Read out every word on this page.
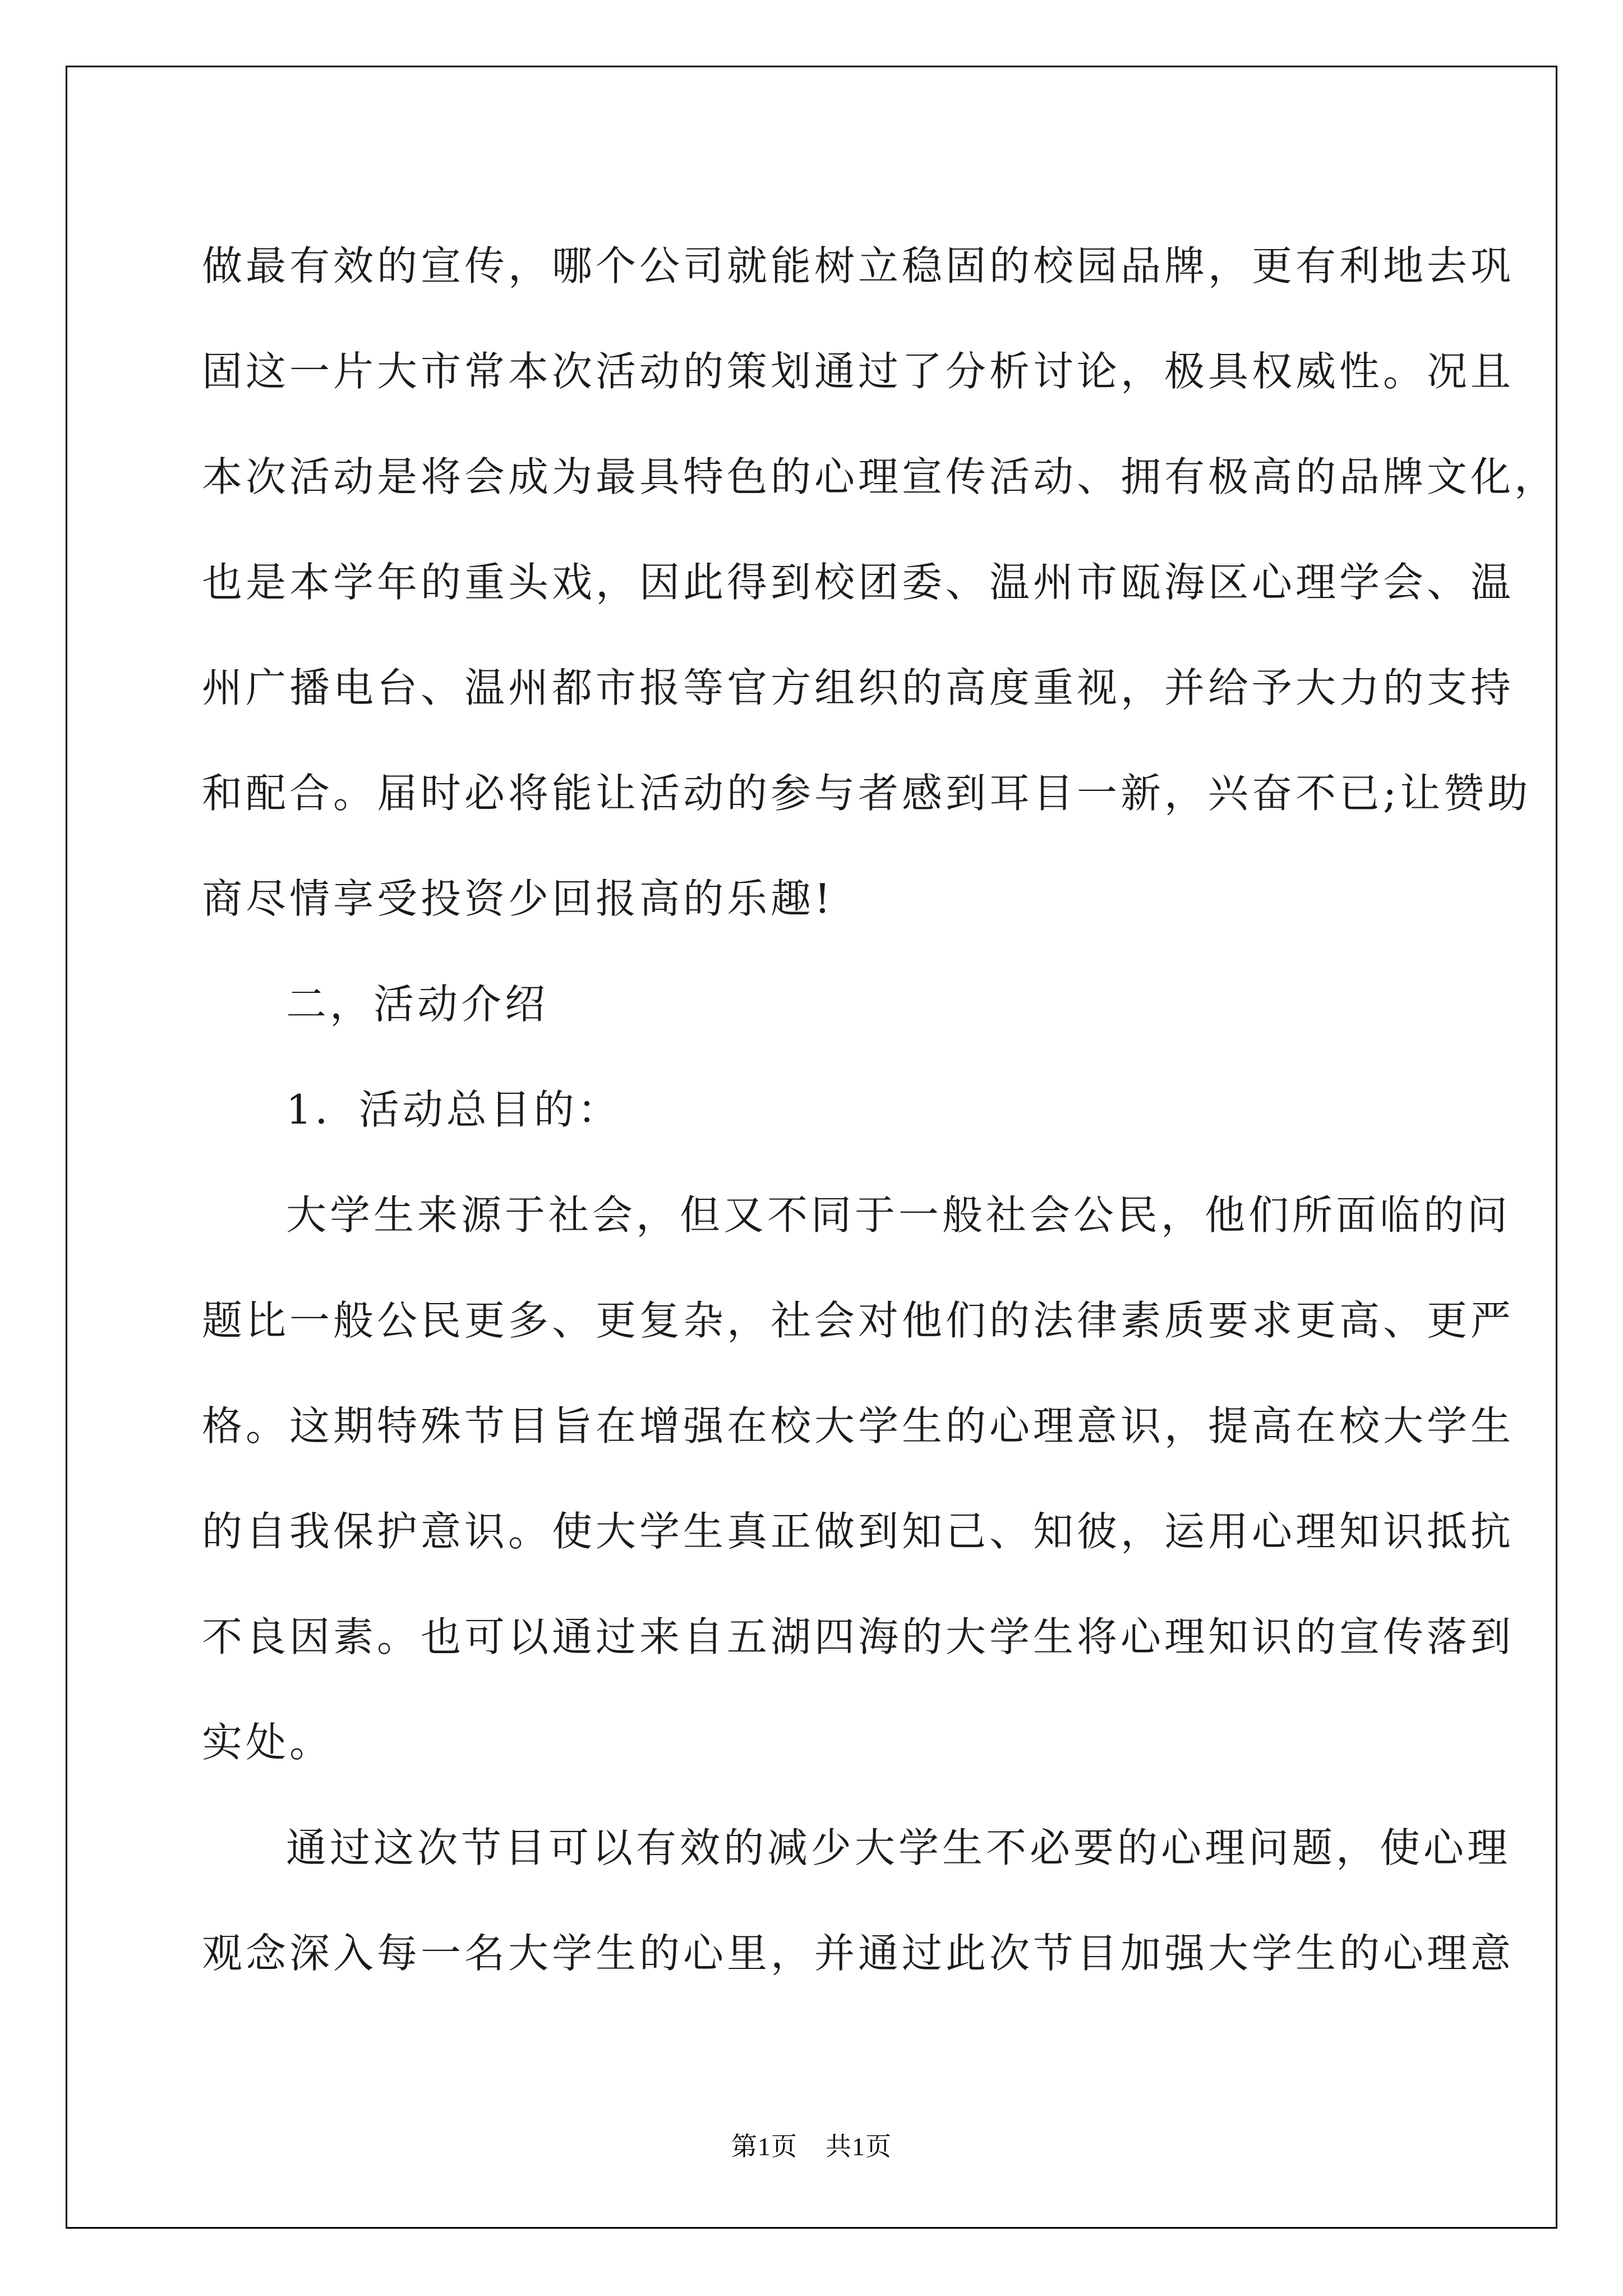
做最有效的宣传，哪个公司就能树立稳固的校园品牌，更有利地去巩
固这一片大市常本次活动的策划通过了分析讨论，极具权威性。况且
本次活动是将会成为最具特色的心理宣传活动、拥有极高的品牌文化，
也是本学年的重头戏，因此得到校团委、温州市瓯海区心理学会、温
州广播电台、温州都市报等官方组织的高度重视，并给予大力的支持
和配合。届时必将能让活动的参与者感到耳目一新，兴奋不已;让赞助
商尽情享受投资少回报高的乐趣!
二，活动介绍
1．活动总目的：
大学生来源于社会，但又不同于一般社会公民，他们所面临的问
题比一般公民更多、更复杂，社会对他们的法律素质要求更高、更严
格。这期特殊节目旨在增强在校大学生的心理意识，提高在校大学生
的自我保护意识。使大学生真正做到知己、知彼，运用心理知识抵抗
不良因素。也可以通过来自五湖四海的大学生将心理知识的宣传落到
实处。
通过这次节目可以有效的减少大学生不必要的心理问题，使心理
观念深入每一名大学生的心里，并通过此次节目加强大学生的心理意
第1页 共1页
